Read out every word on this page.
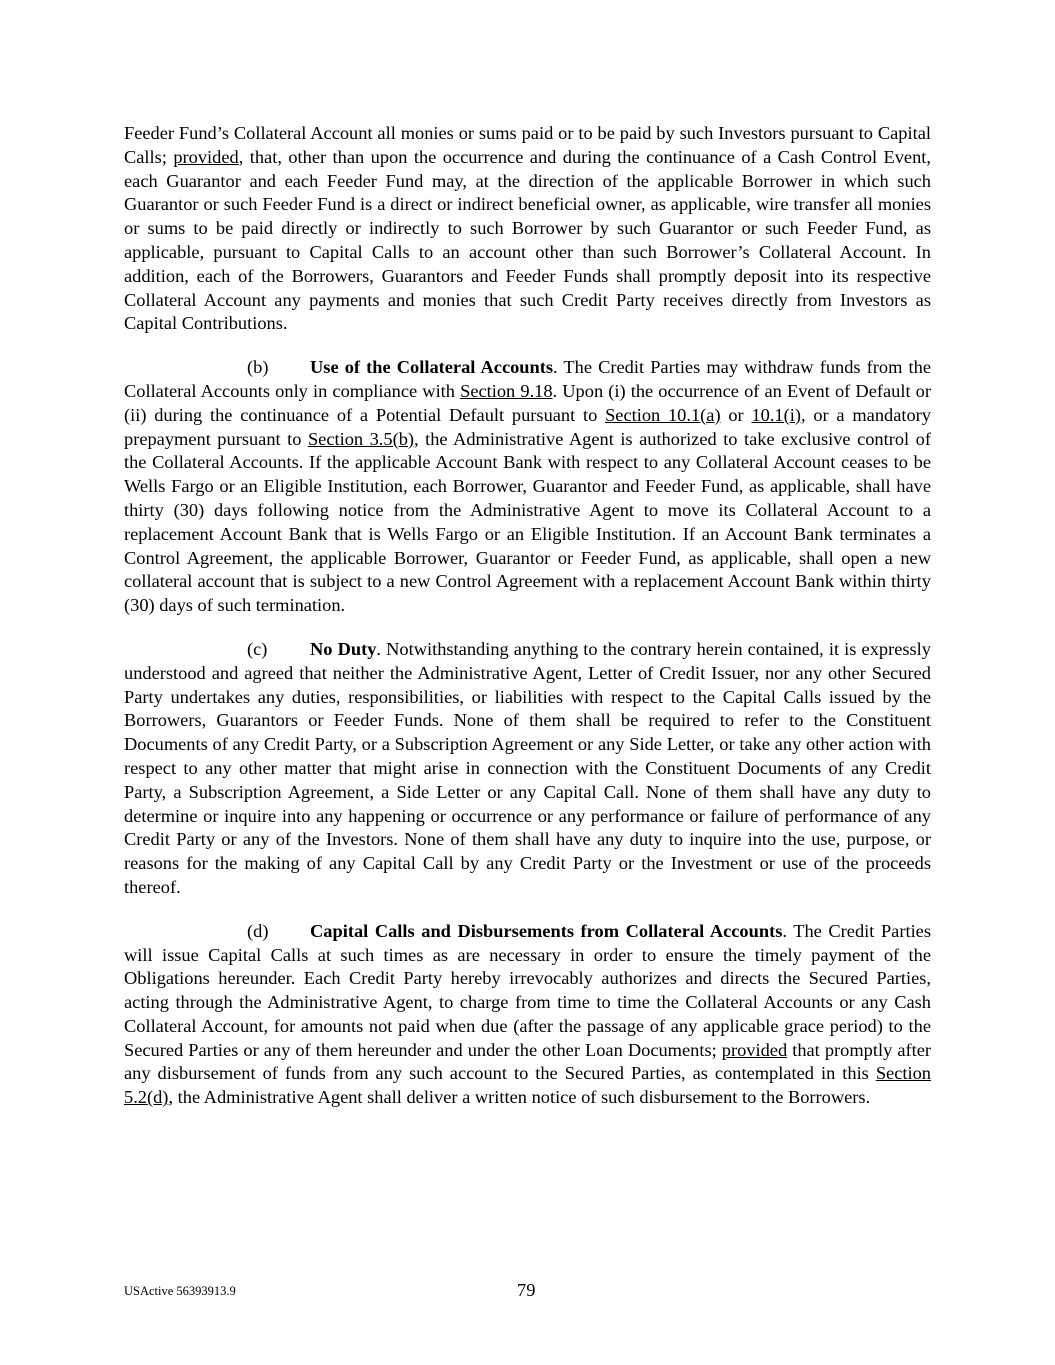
Feeder Fund’s Collateral Account all monies or sums paid or to be paid by such Investors pursuant to Capital Calls; provided, that, other than upon the occurrence and during the continuance of a Cash Control Event, each Guarantor and each Feeder Fund may, at the direction of the applicable Borrower in which such Guarantor or such Feeder Fund is a direct or indirect beneficial owner, as applicable, wire transfer all monies or sums to be paid directly or indirectly to such Borrower by such Guarantor or such Feeder Fund, as applicable, pursuant to Capital Calls to an account other than such Borrower’s Collateral Account. In addition, each of the Borrowers, Guarantors and Feeder Funds shall promptly deposit into its respective Collateral Account any payments and monies that such Credit Party receives directly from Investors as Capital Contributions.

(b) Use of the Collateral Accounts. The Credit Parties may withdraw funds from the Collateral Accounts only in compliance with Section 9.18. Upon (i) the occurrence of an Event of Default or (ii) during the continuance of a Potential Default pursuant to Section 10.1(a) or 10.1(i), or a mandatory prepayment pursuant to Section 3.5(b), the Administrative Agent is authorized to take exclusive control of the Collateral Accounts. If the applicable Account Bank with respect to any Collateral Account ceases to be Wells Fargo or an Eligible Institution, each Borrower, Guarantor and Feeder Fund, as applicable, shall have thirty (30) days following notice from the Administrative Agent to move its Collateral Account to a replacement Account Bank that is Wells Fargo or an Eligible Institution. If an Account Bank terminates a Control Agreement, the applicable Borrower, Guarantor or Feeder Fund, as applicable, shall open a new collateral account that is subject to a new Control Agreement with a replacement Account Bank within thirty (30) days of such termination.

(c) No Duty. Notwithstanding anything to the contrary herein contained, it is expressly understood and agreed that neither the Administrative Agent, Letter of Credit Issuer, nor any other Secured Party undertakes any duties, responsibilities, or liabilities with respect to the Capital Calls issued by the Borrowers, Guarantors or Feeder Funds. None of them shall be required to refer to the Constituent Documents of any Credit Party, or a Subscription Agreement or any Side Letter, or take any other action with respect to any other matter that might arise in connection with the Constituent Documents of any Credit Party, a Subscription Agreement, a Side Letter or any Capital Call. None of them shall have any duty to determine or inquire into any happening or occurrence or any performance or failure of performance of any Credit Party or any of the Investors. None of them shall have any duty to inquire into the use, purpose, or reasons for the making of any Capital Call by any Credit Party or the Investment or use of the proceeds thereof.

(d) Capital Calls and Disbursements from Collateral Accounts. The Credit Parties will issue Capital Calls at such times as are necessary in order to ensure the timely payment of the Obligations hereunder. Each Credit Party hereby irrevocably authorizes and directs the Secured Parties, acting through the Administrative Agent, to charge from time to time the Collateral Accounts or any Cash Collateral Account, for amounts not paid when due (after the passage of any applicable grace period) to the Secured Parties or any of them hereunder and under the other Loan Documents; provided that promptly after any disbursement of funds from any such account to the Secured Parties, as contemplated in this Section 5.2(d), the Administrative Agent shall deliver a written notice of such disbursement to the Borrowers.

USActive 56393913.9	79
